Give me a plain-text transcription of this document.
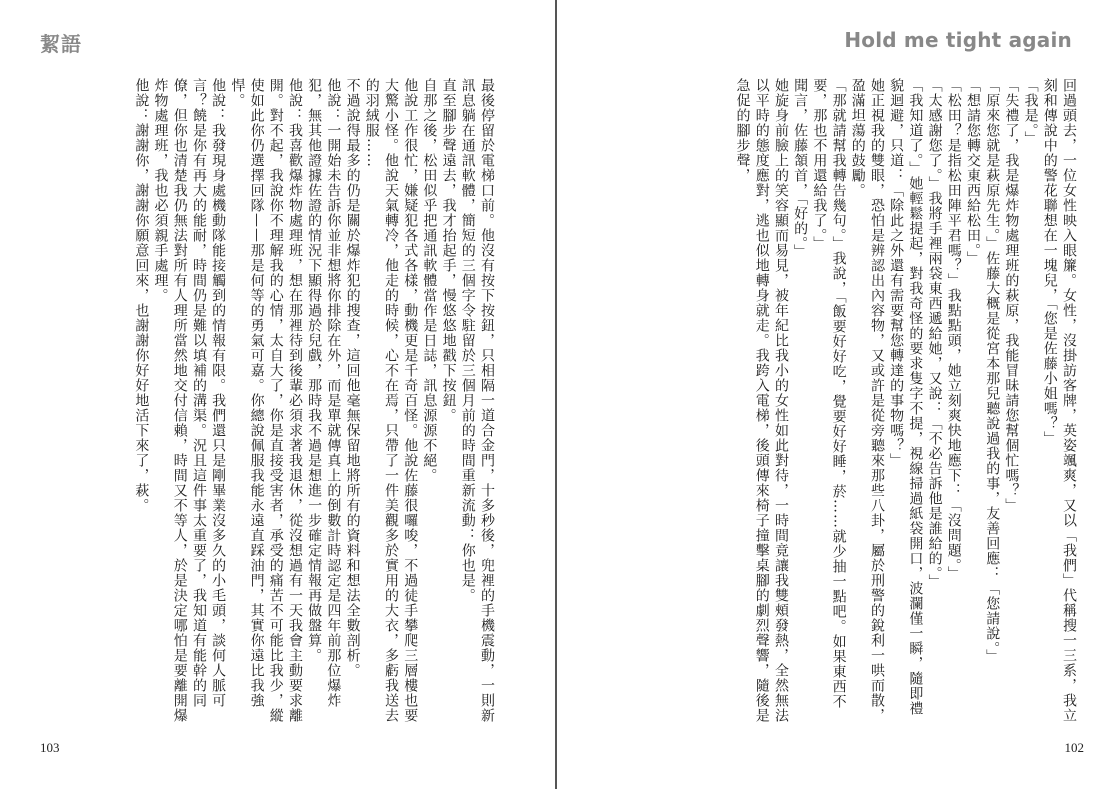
絜語

最後停留於電梯口前。他沒有按下按鈕，只相隔一道合金門，十多秒後，兜裡的手機震動，一則新訊息躺在通訊軟體，簡短的三個字令駐留於三個月前的時間重新流動：你也是。

直至腳步聲遠去，我才抬起手，慢悠悠地戳下按鈕。

自那之後，松田似乎把通訊軟體當作是日誌，訊息源源不絕。

他說工作很忙，嫌疑犯各式各樣，動機更是千奇百怪。他說佐藤很囉唆，不過徒手攀爬三層樓也要大驚小怪。他說天氣轉冷，他走的時候，心不在焉，只帶了一件美觀多於實用的大衣，多虧我送去的羽絨服……

不過說得最多的仍是關於爆炸犯的搜查，這回他毫無保留地將所有的資料和想法全數剖析。

他說：一開始未告訴你並非想將你排除在外，而是單就傳真上的倒數計時認定是四年前那位爆炸犯，無其他證據佐證的情況下顯得過於兒戲，那時我不過是想進一步確定情報再做盤算。

他說：我喜歡爆炸物處理班，想在那裡待到後輩必須求著我退休，從沒想過有一天我會主動要求離開。對不起，我說你不理解我的心情，太自大了，你是直接受害者，承受的痛苦不可能比我少，縱使如此你仍選擇回隊——那是何等的勇氣可嘉。你總說佩服我能永遠直踩油門，其實你遠比我強悍。

他說：我發現身處機動隊能接觸到的情報有限。我們還只是剛畢業沒多久的小毛頭，談何人脈可言？饒是你有再大的能耐，時間仍是難以填補的溝渠。況且這件事太重要了，我知道有能幹的同僚，但你也清楚我仍無法對所有人理所當然地交付信賴，時間又不等人，於是決定哪怕是要離開爆炸物處理班，我也必須親手處理。

他說：謝謝你，謝謝你願意回來，也謝謝你好好地活下來了，萩。

103
Hold me tight again

回過頭去，一位女性映入眼簾。女性，沒掛訪客牌，英姿颯爽，又以「我們」代稱搜一三系，我立刻和傳說中的警花聯想在一塊兒，「您是佐藤小姐嗎？」

「我是。」

「失禮了，我是爆炸物處理班的萩原，我能冒昧請您幫個忙嗎？」

「原來您就是萩原先生。」佐藤大概是從宮本那兒聽說過我的事，友善回應：「您請說。」

「想請您轉交東西給松田。」

「松田？是指松田陣平君嗎？」我點點頭，她立刻爽快地應下：「沒問題。」

「太感謝您了。」我將手裡兩袋東西遞給她，又說：「不必告訴他是誰給的。」

「我知道了。」她輕鬆提起，對我奇怪的要求隻字不提，視線掃過紙袋開口，波瀾僅一瞬，隨即禮貌迴避，只道：「除此之外還有需要幫您轉達的事物嗎？」

她正視我的雙眼，恐怕是辨認出內容物，又或許是從旁聽來那些八卦，屬於刑警的銳利一哄而散，盈滿坦蕩的鼓勵。

「那就請幫我轉告幾句。」我說，「飯要好好吃，覺要好好睡，菸……就少抽一點吧。如果東西不要，那也不用還給我了。」

聞言，佐藤頷首，「好的。」

她旋身前臉上的笑容顯而易見，被年紀比我小的女性如此對待，一時間竟讓我雙頰發熱，全然無法以平時的態度應對，逃也似地轉身就走。我跨入電梯，後頭傳來椅子撞擊桌腳的劇烈聲響，隨後是急促的腳步聲，

102
